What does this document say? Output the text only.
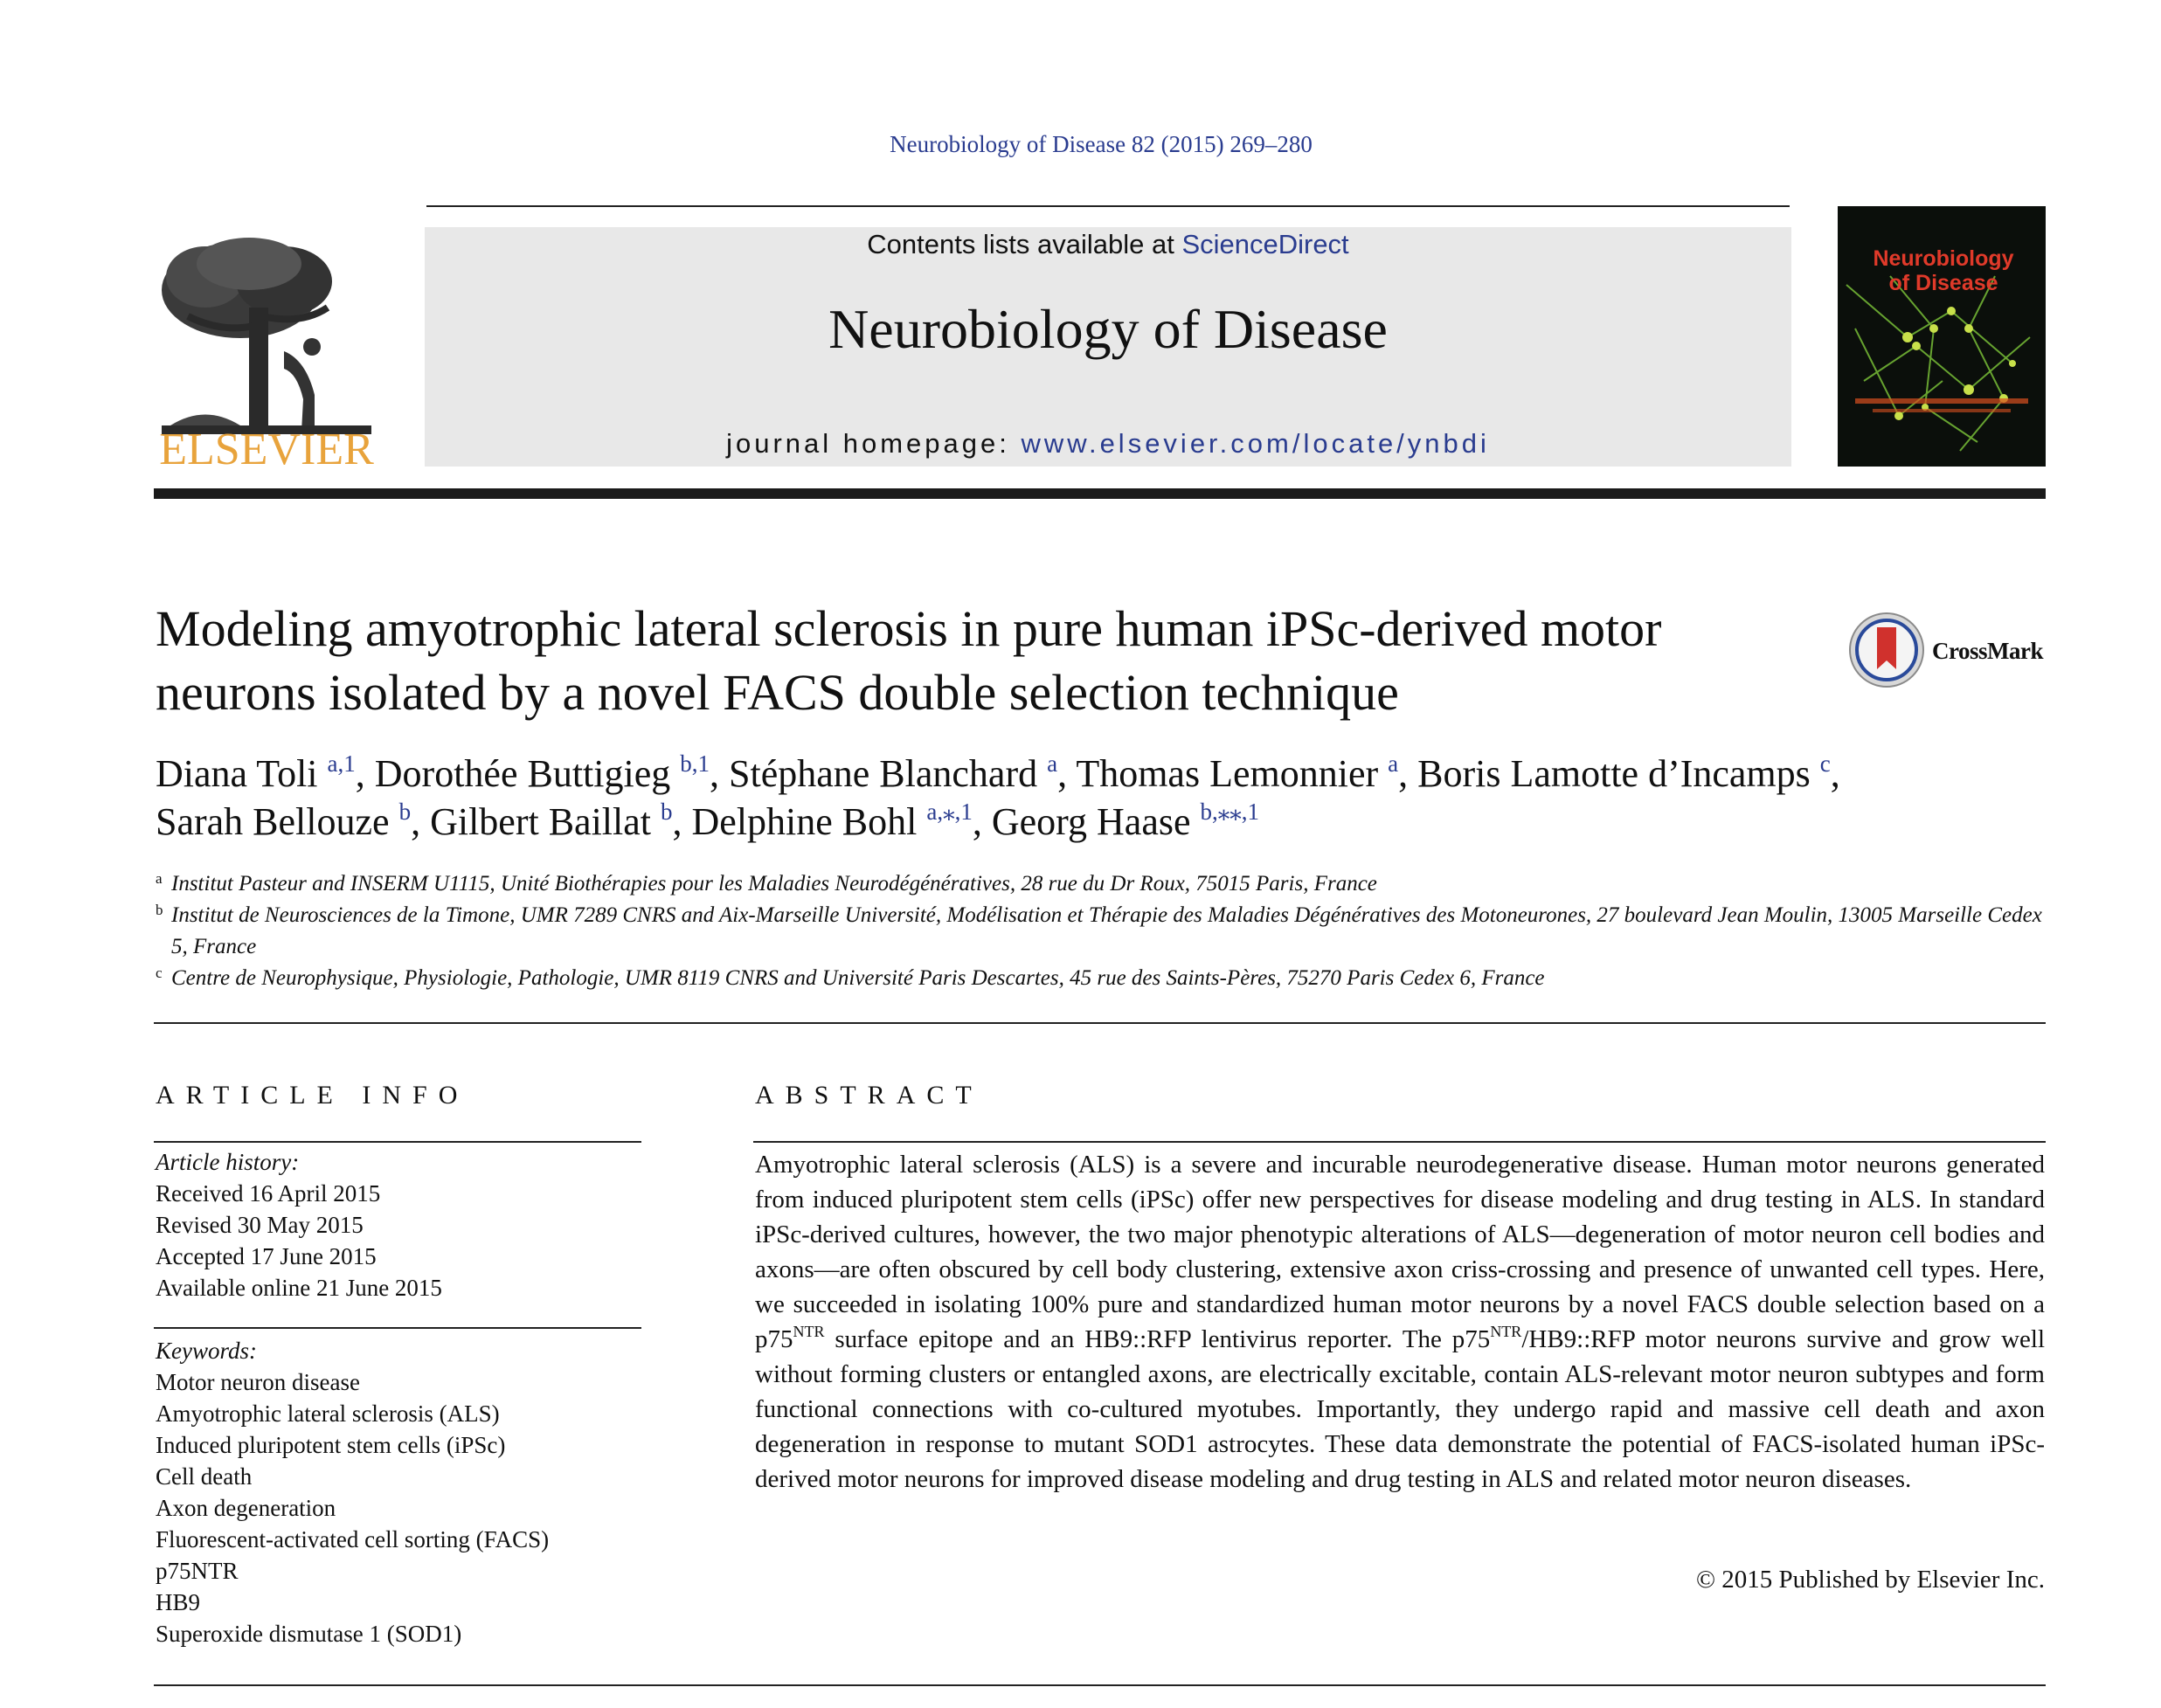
Neurobiology of Disease 82 (2015) 269–280
Contents lists available at ScienceDirect
Neurobiology of Disease
journal homepage: www.elsevier.com/locate/ynbdi
ELSEVIER
Neurobiology
of Disease
Modeling amyotrophic lateral sclerosis in pure human iPSc-derived motor neurons isolated by a novel FACS double selection technique
CrossMark
Diana Toli $^{a,1}$, Dorothée Buttigieg $^{b,1}$, Stéphane Blanchard $^a$, Thomas Lemonnier $^a$, Boris Lamotte d’Incamps $^c$,
Sarah Bellouze $^b$, Gilbert Baillat $^b$, Delphine Bohl $^{a,⁎,1}$, Georg Haase $^{b,⁎⁎,1}$
a Institut Pasteur and INSERM U1115, Unité Biothérapies pour les Maladies Neurodégénératives, 28 rue du Dr Roux, 75015 Paris, France
b Institut de Neurosciences de la Timone, UMR 7289 CNRS and Aix-Marseille Université, Modélisation et Thérapie des Maladies Dégénératives des Motoneurones, 27 boulevard Jean Moulin, 13005 Marseille Cedex 5, France
c Centre de Neurophysique, Physiologie, Pathologie, UMR 8119 CNRS and Université Paris Descartes, 45 rue des Saints-Pères, 75270 Paris Cedex 6, France
ARTICLE INFO
Article history:
Received 16 April 2015
Revised 30 May 2015
Accepted 17 June 2015
Available online 21 June 2015
Keywords:
Motor neuron disease
Amyotrophic lateral sclerosis (ALS)
Induced pluripotent stem cells (iPSc)
Cell death
Axon degeneration
Fluorescent-activated cell sorting (FACS)
p75NTR
HB9
Superoxide dismutase 1 (SOD1)
ABSTRACT
Amyotrophic lateral sclerosis (ALS) is a severe and incurable neurodegenerative disease. Human motor neurons generated from induced pluripotent stem cells (iPSc) offer new perspectives for disease modeling and drug testing in ALS. In standard iPSc-derived cultures, however, the two major phenotypic alterations of ALS—degeneration of motor neuron cell bodies and axons—are often obscured by cell body clustering, extensive axon criss-crossing and presence of unwanted cell types. Here, we succeeded in isolating 100% pure and standardized human motor neurons by a novel FACS double selection based on a $p75^{NTR}$ surface epitope and an HB9::RFP lentivirus reporter. The $p75^{NTR}/HB9::RFP$ motor neurons survive and grow well without forming clusters or entangled axons, are electrically excitable, contain ALS-relevant motor neuron subtypes and form functional connections with co-cultured myotubes. Importantly, they undergo rapid and massive cell death and axon degeneration in response to mutant SOD1 astrocytes. These data demonstrate the potential of FACS-isolated human iPSc-derived motor neurons for improved disease modeling and drug testing in ALS and related motor neuron diseases.
© 2015 Published by Elsevier Inc.
